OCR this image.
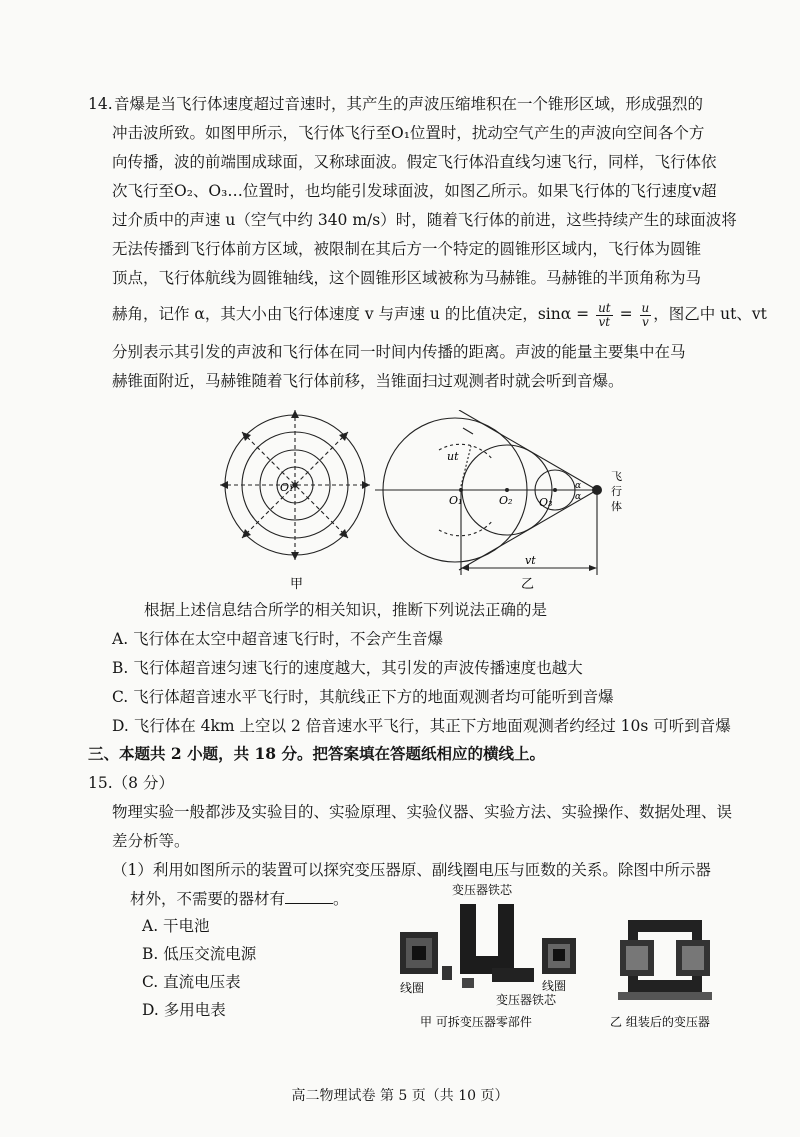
14.音爆是当飞行体速度超过音速时，其产生的声波压缩堆积在一个锥形区域，形成强烈的
冲击波所致。如图甲所示，飞行体飞行至O₁位置时，扰动空气产生的声波向空间各个方
向传播，波的前端围成球面，又称球面波。假定飞行体沿直线匀速飞行，同样，飞行体依
次飞行至O₂、O₃…位置时，也均能引发球面波，如图乙所示。如果飞行体的飞行速度v超
过介质中的声速 u（空气中约 340 m/s）时，随着飞行体的前进，这些持续产生的球面波将
无法传播到飞行体前方区域，被限制在其后方一个特定的圆锥形区域内，飞行体为圆锥
顶点，飞行体航线为圆锥轴线，这个圆锥形区域被称为马赫锥。马赫锥的半顶角称为马
赫角，记作 α，其大小由飞行体速度 v 与声速 u 的比值决定，$\sin\alpha = \frac{ut}{vt} = \frac{u}{v}$ ，图乙中 ut、vt
分别表示其引发的声波和飞行体在同一时间内传播的距离。声波的能量主要集中在马
赫锥面附近，马赫锥随着飞行体前移，当锥面扫过观测者时就会听到音爆。
O₁
甲
O₁	O₂ O₃
ut
vt
α
α
飞
行
体
乙
根据上述信息结合所学的相关知识，推断下列说法正确的是
A. 飞行体在太空中超音速飞行时，不会产生音爆
B. 飞行体超音速匀速飞行的速度越大，其引发的声波传播速度也越大
C. 飞行体超音速水平飞行时，其航线正下方的地面观测者均可能听到音爆
D. 飞行体在 4km 上空以 2 倍音速水平飞行，其正下方地面观测者约经过 10s 可听到音爆
三、本题共 2 小题，共 18 分。把答案填在答题纸相应的横线上。
15.（8 分）
物理实验一般都涉及实验目的、实验原理、实验仪器、实验方法、实验操作、数据处理、误
差分析等。
（1）利用如图所示的装置可以探究变压器原、副线圈电压与匝数的关系。除图中所示器
材外，不需要的器材有	。
A. 干电池
B. 低压交流电源
C. 直流电压表
D. 多用电表
变压器铁芯
线圈	线圈
变压器铁芯
甲 可拆变压器零部件	乙 组装后的变压器
高二物理试卷 第 5 页（共 10 页）
